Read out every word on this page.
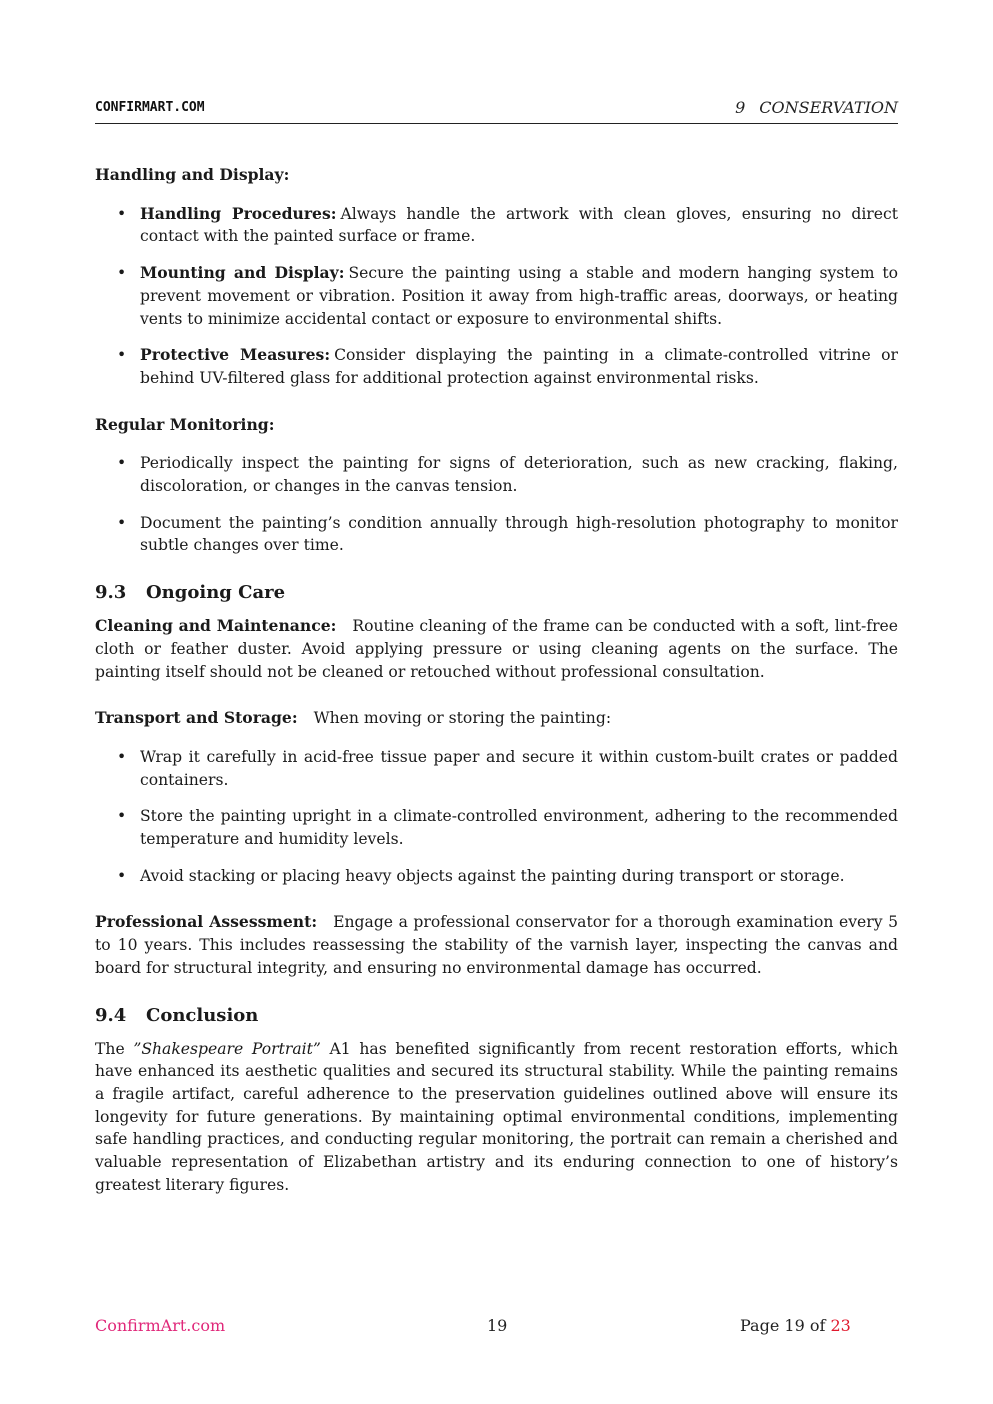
CONFIRMART.COM	9 CONSERVATION

Handling and Display:

• Handling Procedures: Always handle the artwork with clean gloves, ensuring no direct contact with the painted surface or frame.
• Mounting and Display: Secure the painting using a stable and modern hanging system to prevent movement or vibration. Position it away from high-traffic areas, doorways, or heating vents to minimize accidental contact or exposure to environmental shifts.
• Protective Measures: Consider displaying the painting in a climate-controlled vitrine or behind UV-filtered glass for additional protection against environmental risks.

Regular Monitoring:

• Periodically inspect the painting for signs of deterioration, such as new cracking, flaking, discoloration, or changes in the canvas tension.
• Document the painting’s condition annually through high-resolution photography to monitor subtle changes over time.
9.3 Ongoing Care

Cleaning and Maintenance: Routine cleaning of the frame can be conducted with a soft, lint-free cloth or feather duster. Avoid applying pressure or using cleaning agents on the surface. The painting itself should not be cleaned or retouched without professional consultation.

Transport and Storage: When moving or storing the painting:

• Wrap it carefully in acid-free tissue paper and secure it within custom-built crates or padded containers.
• Store the painting upright in a climate-controlled environment, adhering to the recommended temperature and humidity levels.
• Avoid stacking or placing heavy objects against the painting during transport or storage.

Professional Assessment: Engage a professional conservator for a thorough examination every 5 to 10 years. This includes reassessing the stability of the varnish layer, inspecting the canvas and board for structural integrity, and ensuring no environmental damage has occurred.

9.4 Conclusion

The ”Shakespeare Portrait” A1 has benefited significantly from recent restoration efforts, which have enhanced its aesthetic qualities and secured its structural stability. While the painting remains a fragile artifact, careful adherence to the preservation guidelines outlined above will ensure its longevity for future generations. By maintaining optimal environmental conditions, implementing safe handling practices, and conducting regular monitoring, the portrait can remain a cherished and valuable representation of Elizabethan artistry and its enduring connection to one of history’s greatest literary figures.

ConfirmArt.com	19	Page 19 of 23
